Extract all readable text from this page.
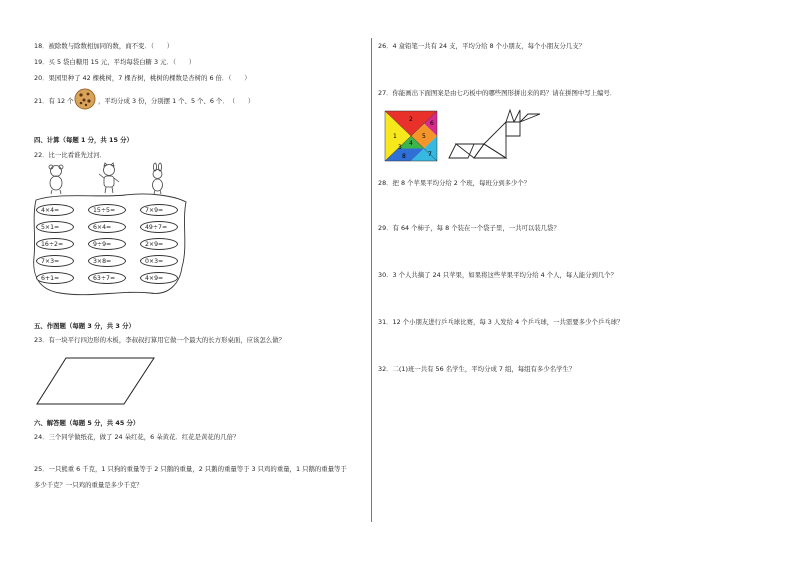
18．被除数与除数相加同的数，商不变．（　　）
19．买 5 袋白糖用 15 元，平均每袋白糖 3 元．（　　）
20．果园里种了 42 棵桃树，7 棵杏树，桃树的棵数是杏树的 6 倍．（　　）
21．有 12 个	，平均分成 3 份，分别摆 1 个、5 个、6 个．　（　　）
四、计算（每题 1 分，共 15 分）
22．比一比看谁先过河．
4×4=	15÷5=	7×9=
5×1=	6×4=	49÷7=
16÷2=	9÷9=	2×9=
7×3=	3×8=	0×3=
6+1=	63÷7=	4×9=
五、作图题（每题 3 分，共 3 分）
23．有一块平行四边形的木板，李叔叔打算用它做一个最大的长方形桌面，应该怎么做？
六、解答题（每题 5 分，共 45 分）
24．三个同学做纸花，做了 24 朵红花，6 朵黄花．红花是黄花的几倍？
25．一只熊重 6 千克，1 只狗的重量等于 2 只鹅的重量，2 只鹅的重量等于 3 只鸡的重量，1 只鹅的重量等于
多少千克？一只鸡的重量是多少千克？
26．4 盒铅笔一共有 24 支，平均分给 8 个小朋友，每个小朋友分几支？
27．你能画出下面图案是由七巧板中的哪些图形拼出来的吗？请在拼图中写上编号．
1
2
3
4
5
6
7
8
28．把 8 个苹果平均分给 2 个班，每班分到多少个？
29．有 64 个柿子，每 8 个装在一个袋子里，一共可以装几袋？
30．3 个人共摘了 24 只苹果，如果将这些苹果平均分给 4 个人，每人能分到几个？
31．12 个小朋友进行乒乓球比赛，每 3 人发给 4 个乒乓球，一共需要多少个乒乓球？
32．二(1)班一共有 56 名学生，平均分成 7 组，每组有多少名学生？
